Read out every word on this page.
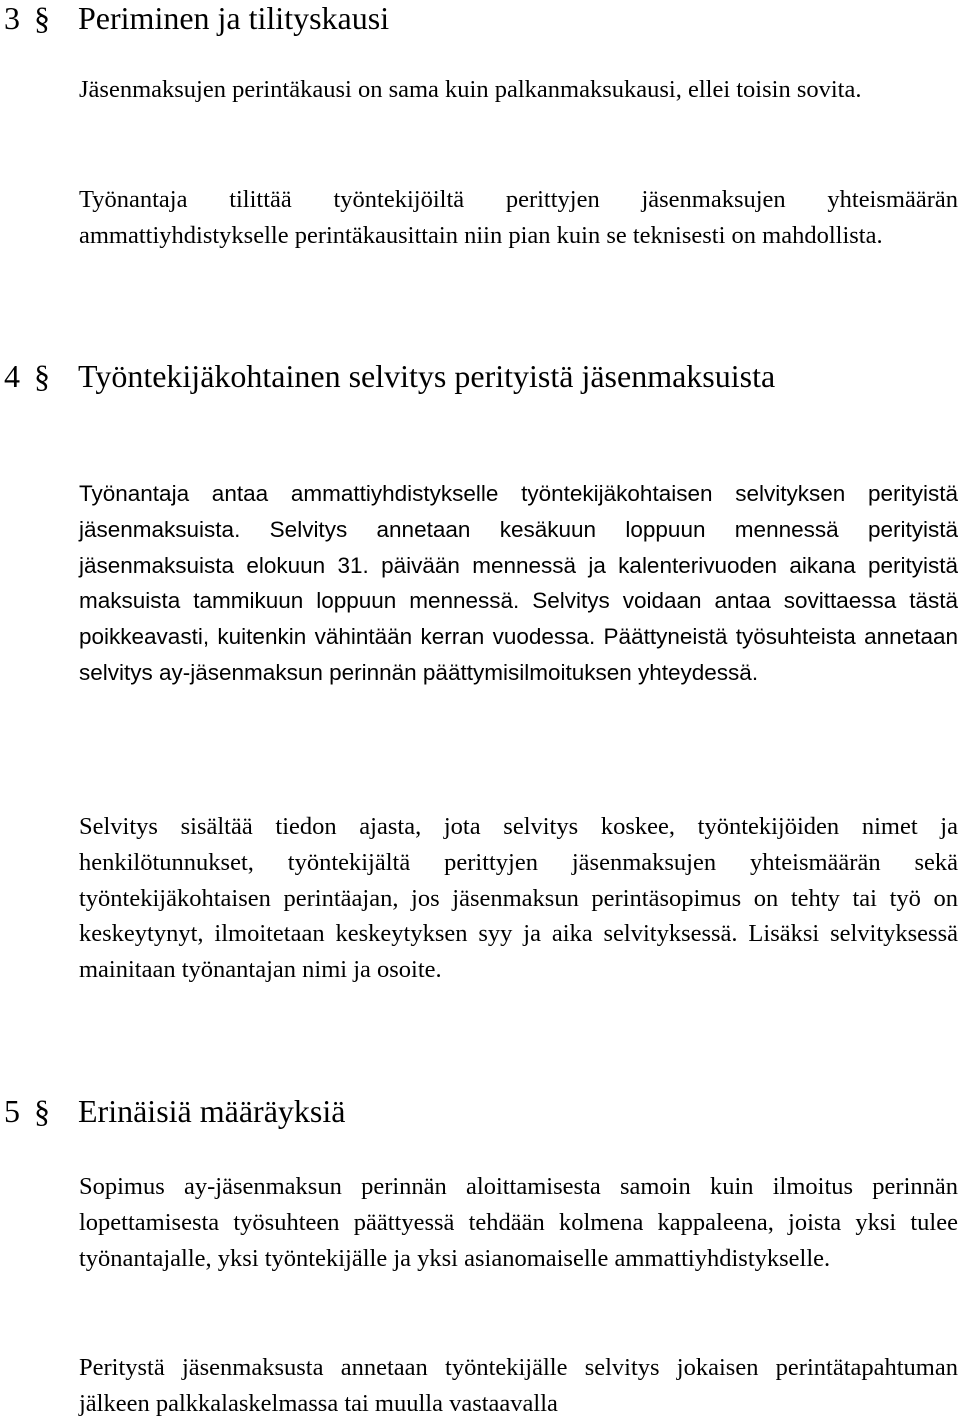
3 § Periminen ja tilityskausi

Jäsenmaksujen perintäkausi on sama kuin palkanmaksukausi, ellei toisin sovita.

Työnantaja tilittää työntekijöiltä perittyjen jäsenmaksujen yhteismäärän ammattiyhdistykselle perintäkausittain niin pian kuin se teknisesti on mahdollista.

4 § Työntekijäkohtainen selvitys perityistä jäsenmaksuista

Työnantaja antaa ammattiyhdistykselle työntekijäkohtaisen selvityksen perityistä jäsenmaksuista. Selvitys annetaan kesäkuun loppuun mennessä perityistä jäsenmaksuista elokuun 31. päivään mennessä ja kalenterivuoden aikana perityistä maksuista tammikuun loppuun mennessä. Selvitys voidaan antaa sovittaessa tästä poikkeavasti, kuitenkin vähintään kerran vuodessa. Päättyneistä työsuhteista annetaan selvitys ay-jäsenmaksun perinnän päättymisilmoituksen yhteydessä.

Selvitys sisältää tiedon ajasta, jota selvitys koskee, työntekijöiden nimet ja henkilötunnukset, työntekijältä perittyjen jäsenmaksujen yhteismäärän sekä työntekijäkohtaisen perintäajan, jos jäsenmaksun perintäsopimus on tehty tai työ on keskeytynyt, ilmoitetaan keskeytyksen syy ja aika selvityksessä. Lisäksi selvityksessä mainitaan työnantajan nimi ja osoite.

5 § Erinäisiä määräyksiä

Sopimus ay-jäsenmaksun perinnän aloittamisesta samoin kuin ilmoitus perinnän lopettamisesta työsuhteen päättyessä tehdään kolmena kappaleena, joista yksi tulee työnantajalle, yksi työntekijälle ja yksi asianomaiselle ammattiyhdistykselle.

Peritystä jäsenmaksusta annetaan työntekijälle selvitys jokaisen perintätapahtuman jälkeen palkkalaskelmassa tai muulla vastaavalla
